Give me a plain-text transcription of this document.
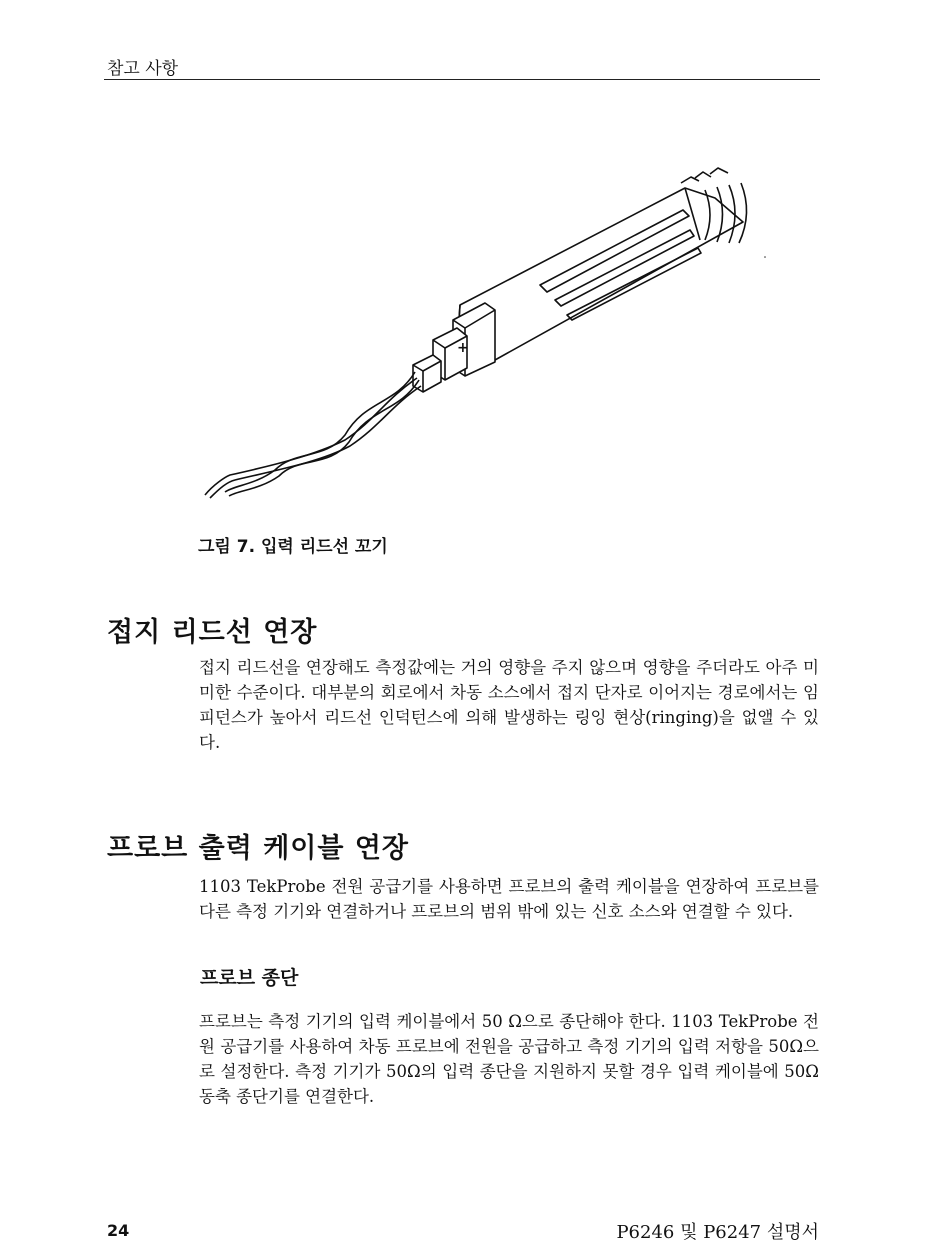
참고 사항
+
그림 7. 입력 리드선 꼬기
접지 리드선 연장
접지 리드선을 연장해도 측정값에는 거의 영향을 주지 않으며 영향을 주더라도 아주 미미한 수준이다. 대부분의 회로에서 차동 소스에서 접지 단자로 이어지는 경로에서는 임피던스가 높아서 리드선 인덕턴스에 의해 발생하는 링잉 현상(ringing)을 없앨 수 있다.
프로브 출력 케이블 연장
1103 TekProbe 전원 공급기를 사용하면 프로브의 출력 케이블을 연장하여 프로브를 다른 측정 기기와 연결하거나 프로브의 범위 밖에 있는 신호 소스와 연결할 수 있다.
프로브 종단
프로브는 측정 기기의 입력 케이블에서 50 Ω으로 종단해야 한다. 1103 TekProbe 전원 공급기를 사용하여 차동 프로브에 전원을 공급하고 측정 기기의 입력 저항을 50Ω으로 설정한다. 측정 기기가 50Ω의 입력 종단을 지원하지 못할 경우 입력 케이블에 50Ω 동축 종단기를 연결한다.
24	P6246 및 P6247 설명서
